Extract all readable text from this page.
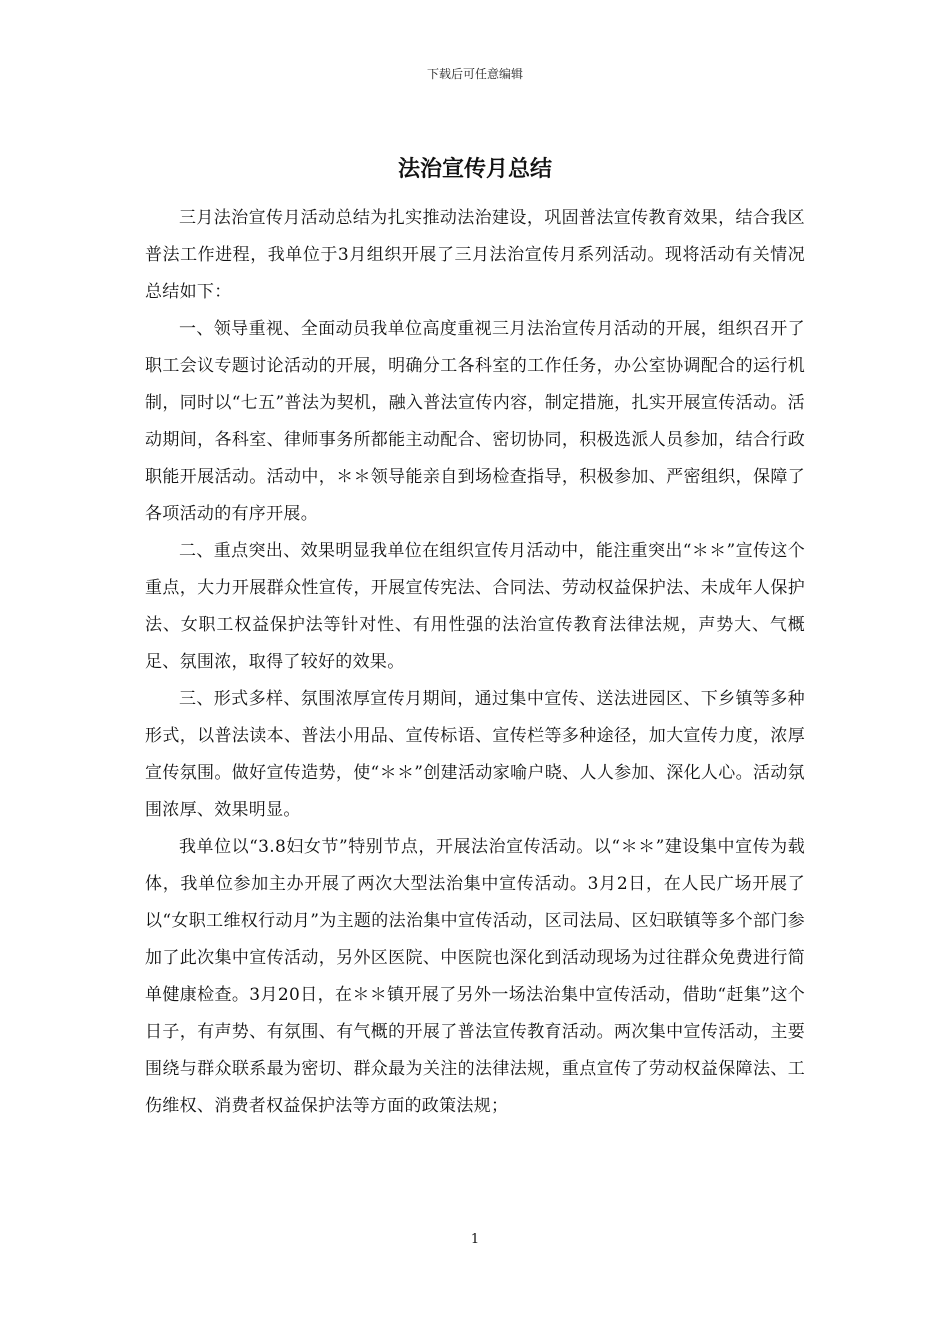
下载后可任意编辑
法治宣传月总结

三月法治宣传月活动总结为扎实推动法治建设，巩固普法宣传教育效果，结合我区普法工作进程，我单位于3月组织开展了三月法治宣传月系列活动。现将活动有关情况总结如下：

一、领导重视、全面动员我单位高度重视三月法治宣传月活动的开展，组织召开了职工会议专题讨论活动的开展，明确分工各科室的工作任务，办公室协调配合的运行机制，同时以“七五”普法为契机，融入普法宣传内容，制定措施，扎实开展宣传活动。活动期间，各科室、律师事务所都能主动配合、密切协同，积极选派人员参加，结合行政职能开展活动。活动中，＊＊领导能亲自到场检查指导，积极参加、严密组织，保障了各项活动的有序开展。

二、重点突出、效果明显我单位在组织宣传月活动中，能注重突出“＊＊”宣传这个重点，大力开展群众性宣传，开展宣传宪法、合同法、劳动权益保护法、未成年人保护法、女职工权益保护法等针对性、有用性强的法治宣传教育法律法规，声势大、气概足、氛围浓，取得了较好的效果。

三、形式多样、氛围浓厚宣传月期间，通过集中宣传、送法进园区、下乡镇等多种形式，以普法读本、普法小用品、宣传标语、宣传栏等多种途径，加大宣传力度，浓厚宣传氛围。做好宣传造势，使“＊＊”创建活动家喻户晓、人人参加、深化人心。活动氛围浓厚、效果明显。

我单位以“3.8妇女节”特别节点，开展法治宣传活动。以“＊＊”建设集中宣传为载体，我单位参加主办开展了两次大型法治集中宣传活动。3月2日，在人民广场开展了以“女职工维权行动月”为主题的法治集中宣传活动，区司法局、区妇联镇等多个部门参加了此次集中宣传活动，另外区医院、中医院也深化到活动现场为过往群众免费进行简单健康检查。3月20日，在＊＊镇开展了另外一场法治集中宣传活动，借助“赶集”这个日子，有声势、有氛围、有气概的开展了普法宣传教育活动。两次集中宣传活动，主要围绕与群众联系最为密切、群众最为关注的法律法规，重点宣传了劳动权益保障法、工伤维权、消费者权益保护法等方面的政策法规；

1
